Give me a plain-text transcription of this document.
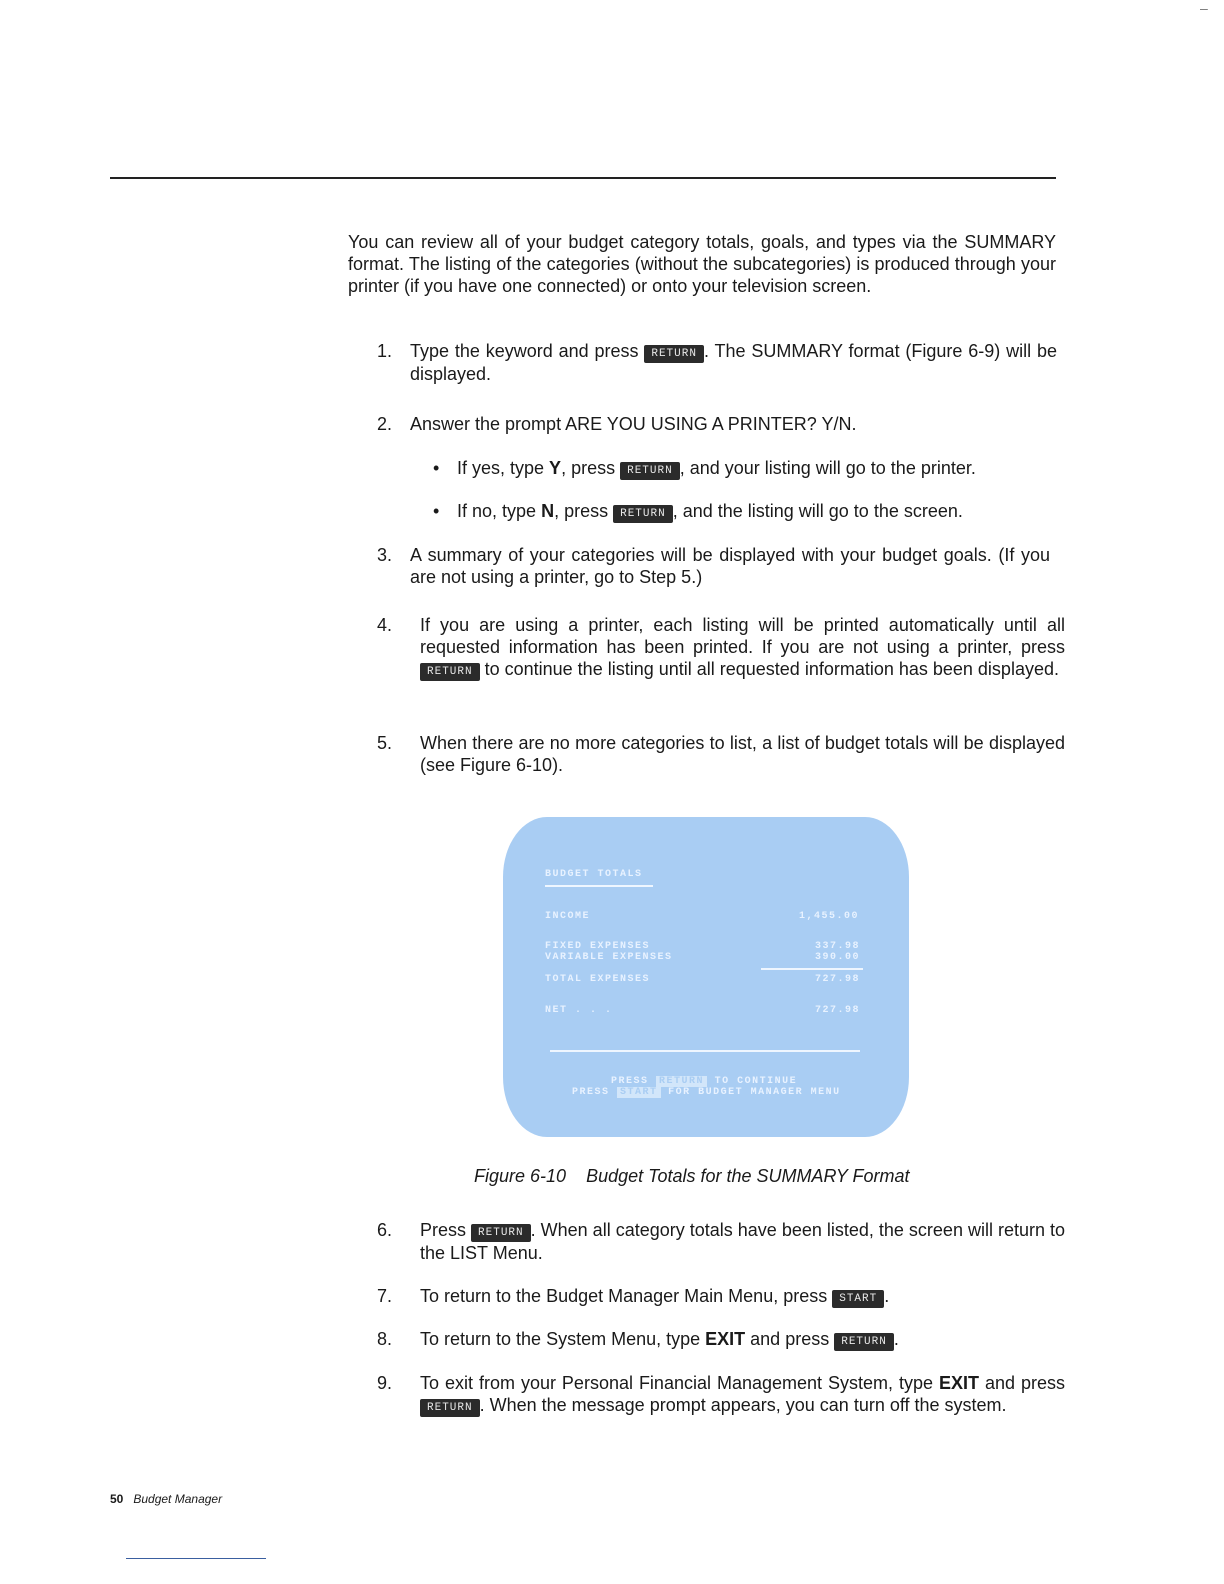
–

You can review all of your budget category totals, goals, and types via the SUMMARY format. The listing of the categories (without the subcategories) is produced through your printer (if you have one connected) or onto your television screen.

1. Type the keyword and press RETURN . The SUMMARY format (Figure 6-9) will be displayed.
2. Answer the prompt ARE YOU USING A PRINTER? Y/N.
• If yes, type Y, press RETURN , and your listing will go to the printer.
• If no, type N, press RETURN , and the listing will go to the screen.
3. A summary of your categories will be displayed with your budget goals. (If you are not using a printer, go to Step 5.)
4. If you are using a printer, each listing will be printed automatically until all requested information has been printed. If you are not using a printer, press RETURN to continue the listing until all requested information has been displayed.
5. When there are no more categories to list, a list of budget totals will be displayed (see Figure 6-10).
BUDGET TOTALS
INCOME	1,455.00
FIXED EXPENSES	337.98
VARIABLE EXPENSES	390.00
TOTAL EXPENSES	727.98
NET . . .	727.98
PRESS RETURN TO CONTINUE
PRESS START FOR BUDGET MANAGER MENU
Figure 6-10 Budget Totals for the SUMMARY Format
6. Press RETURN . When all category totals have been listed, the screen will return to the LIST Menu.
7. To return to the Budget Manager Main Menu, press START .
8. To return to the System Menu, type EXIT and press RETURN .
9. To exit from your Personal Financial Management System, type EXIT and press RETURN . When the message prompt appears, you can turn off the system.
50 Budget Manager
